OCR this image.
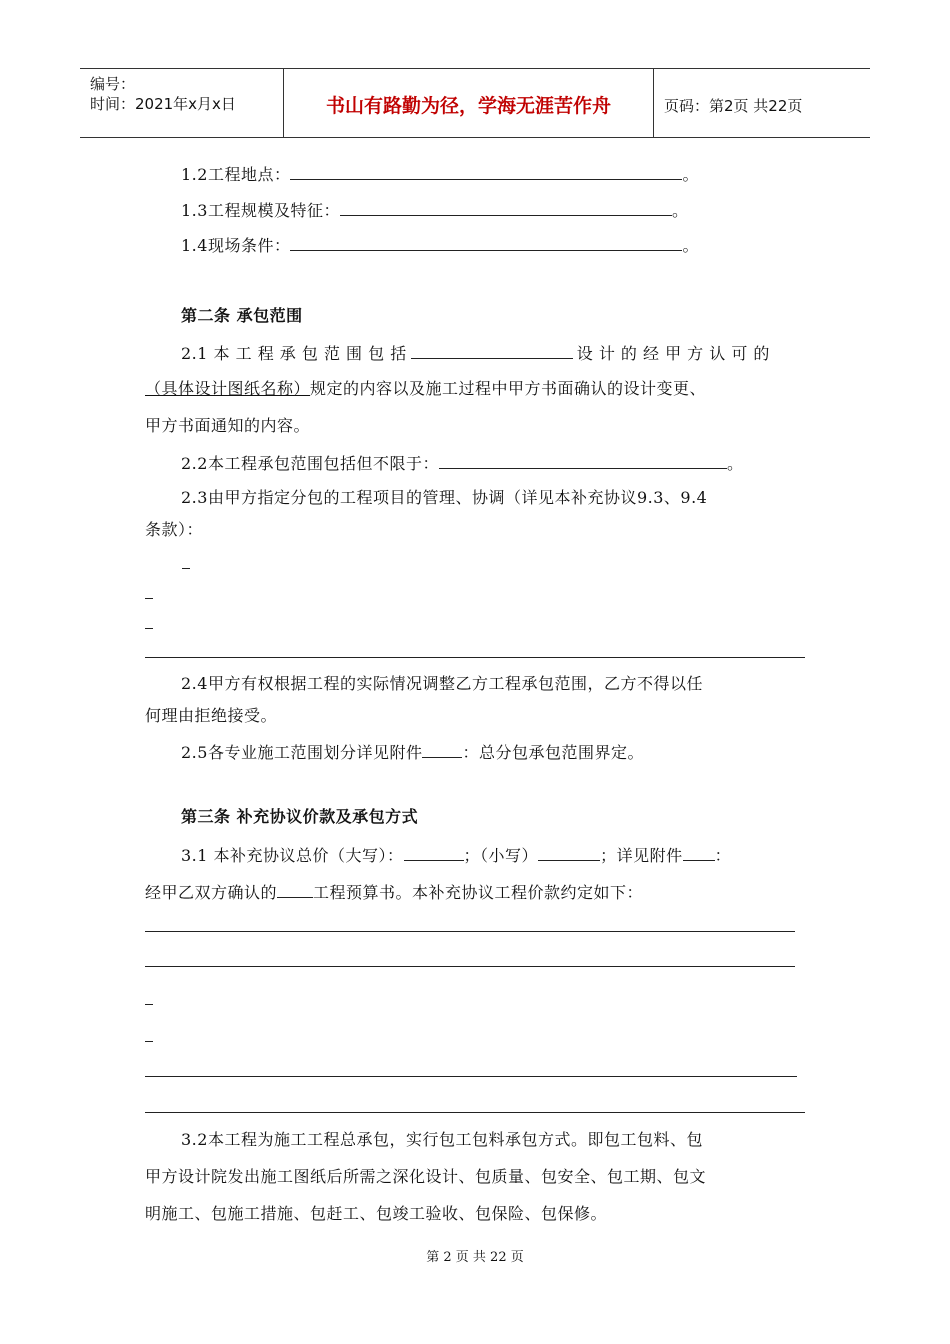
编号：
时间：2021年x月x日	书山有路勤为径，学海无涯苦作舟	页码：第2页 共22页
1.2工程地点：	。
1.3工程规模及特征：	。
1.4现场条件：	。
第二条 承包范围
2.1 本 工 程 承 包 范 围 包 括	设 计 的 经 甲 方 认 可 的
（具体设计图纸名称）规定的内容以及施工过程中甲方书面确认的设计变更、
甲方书面通知的内容。
2.2本工程承包范围包括但不限于：	。
2.3由甲方指定分包的工程项目的管理、协调（详见本补充协议9.3、9.4
条款）：
2.4甲方有权根据工程的实际情况调整乙方工程承包范围，乙方不得以任
何理由拒绝接受。
2.5各专业施工范围划分详见附件	：总分包承包范围界定。
第三条 补充协议价款及承包方式
3.1 本补充协议总价（大写）：	；（小写）	；详见附件 ：
经甲乙双方确认的 工程预算书。本补充协议工程价款约定如下：
3.2本工程为施工工程总承包，实行包工包料承包方式。即包工包料、包
甲方设计院发出施工图纸后所需之深化设计、包质量、包安全、包工期、包文
明施工、包施工措施、包赶工、包竣工验收、包保险、包保修。
第 2 页 共 22 页
